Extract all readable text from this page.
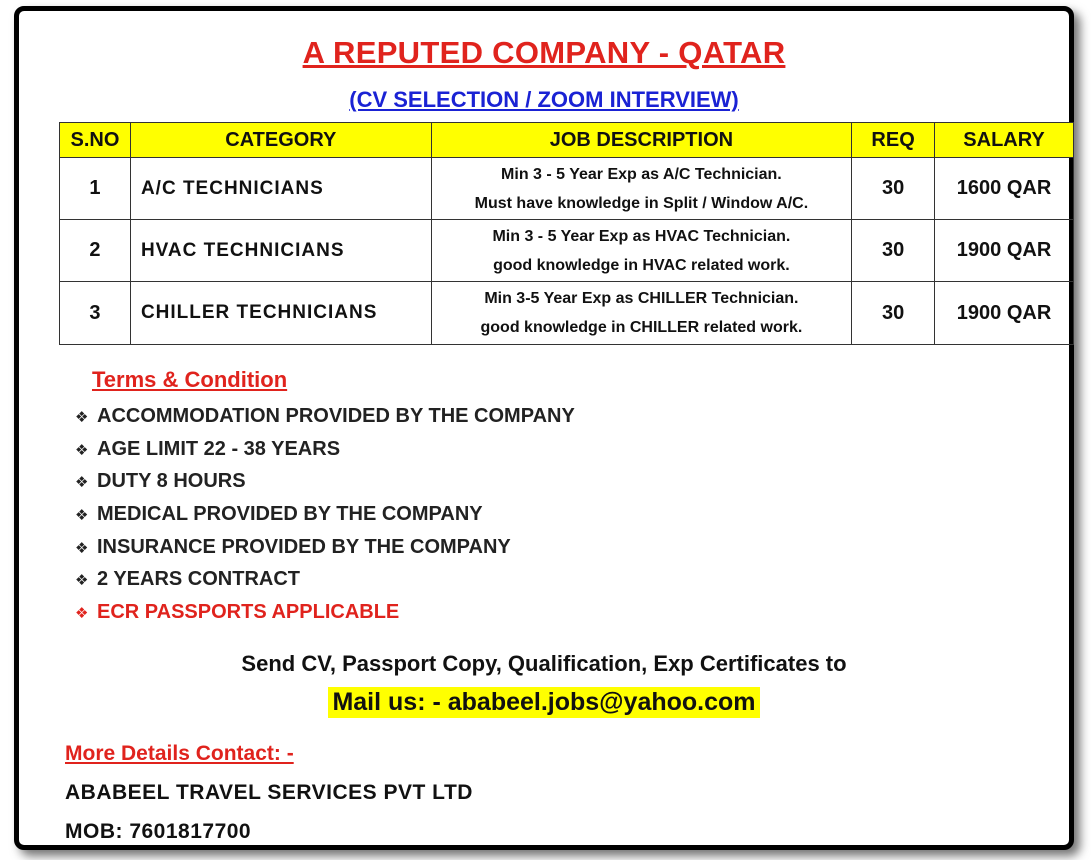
A REPUTED COMPANY - QATAR
(CV SELECTION / ZOOM INTERVIEW)
S.NO	CATEGORY	JOB DESCRIPTION	REQ	SALARY
1	A/C TECHNICIANS	Min 3 - 5 Year Exp as A/C Technician.
Must have knowledge in Split / Window A/C.	30	1600 QAR
2	HVAC TECHNICIANS	Min 3 - 5 Year Exp as HVAC Technician.
good knowledge in HVAC related work.	30	1900 QAR
3	CHILLER TECHNICIANS	Min 3-5 Year Exp as CHILLER Technician.
good knowledge in CHILLER related work.	30	1900 QAR
Terms & Condition
❖ ACCOMMODATION PROVIDED BY THE COMPANY
❖ AGE LIMIT 22 - 38 YEARS
❖ DUTY 8 HOURS
❖ MEDICAL PROVIDED BY THE COMPANY
❖ INSURANCE PROVIDED BY THE COMPANY
❖ 2 YEARS CONTRACT
❖ ECR PASSPORTS APPLICABLE
Send CV, Passport Copy, Qualification, Exp Certificates to
Mail us: - ababeel.jobs@yahoo.com
More Details Contact: -
ABABEEL TRAVEL SERVICES PVT LTD
MOB: 7601817700
